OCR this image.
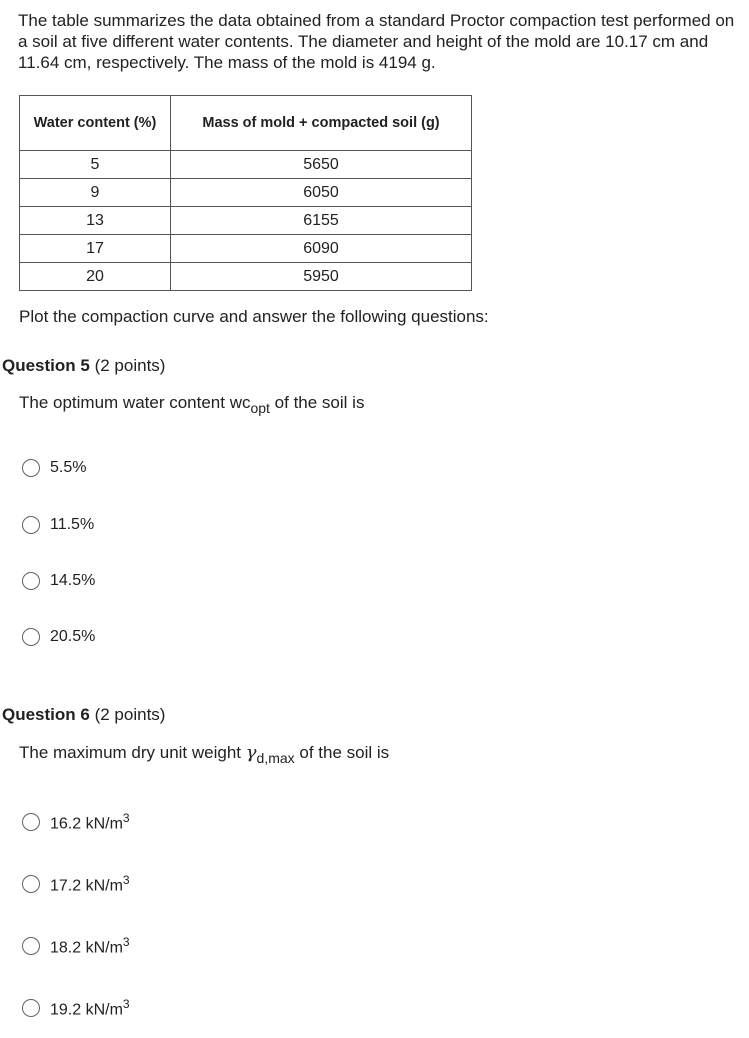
The table summarizes the data obtained from a standard Proctor compaction test performed on a soil at five different water contents. The diameter and height of the mold are 10.17 cm and 11.64 cm, respectively. The mass of the mold is 4194 g.

Water content (%)	Mass of mold + compacted soil (g)
5	5650
9	6050
13	6155
17	6090
20	5950

Plot the compaction curve and answer the following questions:

Question 5 (2 points)

The optimum water content $wc_{opt}$ of the soil is

5.5%
11.5%
14.5%
20.5%

Question 6 (2 points)

The maximum dry unit weight $\gamma_{d,max}$ of the soil is

16.2 $kN/m^3$
17.2 $kN/m^3$
18.2 $kN/m^3$
19.2 $kN/m^3$
